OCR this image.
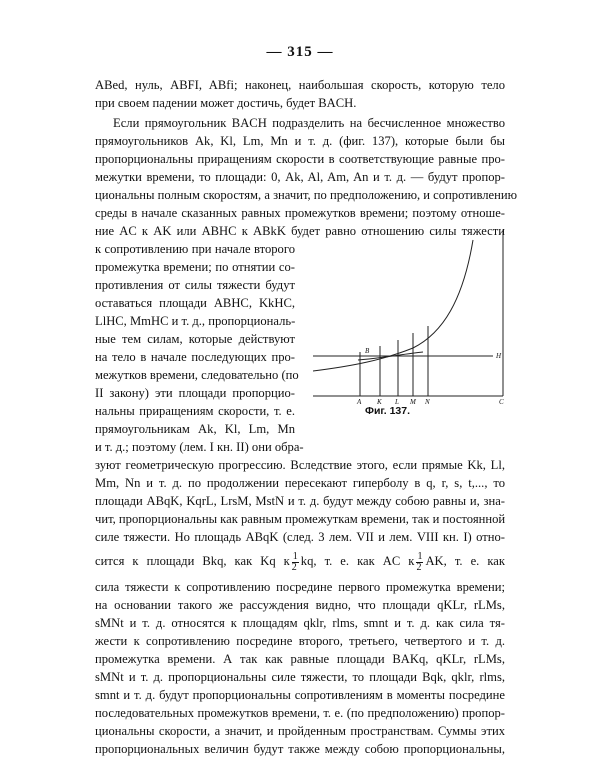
— 315 —
ABed, нуль, ABFI, ABfi; наконец, наибольшая скорость, которую тело
при своем падении может достичь, будет BACH.
Если прямоугольник BACH подразделить на бесчисленное множество
прямоугольников Ak, Kl, Lm, Mn и т. д. (фиг. 137), которые были бы
пропорциональны приращениям скорости в соответствующие равные про-
межутки времени, то площади: 0, Ak, Al, Am, An и т. д. — будут пропор-
циональны полным скоростям, а значит, по предположению, и сопротивлению
среды в начале сказанных равных промежутков времени; поэтому отноше-
ние AC к AK или ABHC к ABkK будет равно отношению силы тяжести
к сопротивлению при начале второго
промежутка времени; по отнятии со-
противления от силы тяжести будут
оставаться площади ABHC, KkHC,
LlHC, MmHC и т. д., пропорциональ-
ные тем силам, которые действуют
на тело в начале последующих про-
межутков времени, следовательно (по
II закону) эти площади пропорцио-
нальны приращениям скорости, т. е.
прямоугольникам Ak, Kl, Lm, Mn
и т. д.; поэтому (лем. I кн. II) они обра-
зуют геометрическую прогрессию. Вследствие этого, если прямые Kk, Ll,
Mm, Nn и т. д. по продолжении пересекают гиперболу в q, r, s, t,..., то
площади ABqK, KqrL, LrsM, MstN и т. д. будут между собою равны и, зна-
чит, пропорциональны как равным промежуткам времени, так и постоянной
силе тяжести. Но площадь ABqK (след. 3 лем. VII и лем. VIII кн. I) отно-
сится к площади Bkq, как Kq к $\frac{1}{2}$ kq, т. е. как AC к $\frac{1}{2}$ AK, т. е. как
сила тяжести к сопротивлению посредине первого промежутка времени;
на основании такого же рассуждения видно, что площади qKLr, rLMs,
sMNt и т. д. относятся к площадям qklr, rlms, smnt и т. д. как сила тя-
жести к сопротивлению посредине второго, третьего, четвертого и т. д.
промежутка времени. А так как равные площади BAKq, qKLr, rLMs,
sMNt и т. д. пропорциональны силе тяжести, то площади Bqk, qklr, rlms,
smnt и т. д. будут пропорциональны сопротивлениям в моменты посредине
последовательных промежутков времени, т. е. (по предположению) пропор-
циональны скорости, а значит, и пройденным пространствам. Суммы этих
пропорциональных величин будут также между собою пропорциональны,
B
H
A K L M N	C
Фиг. 137.
